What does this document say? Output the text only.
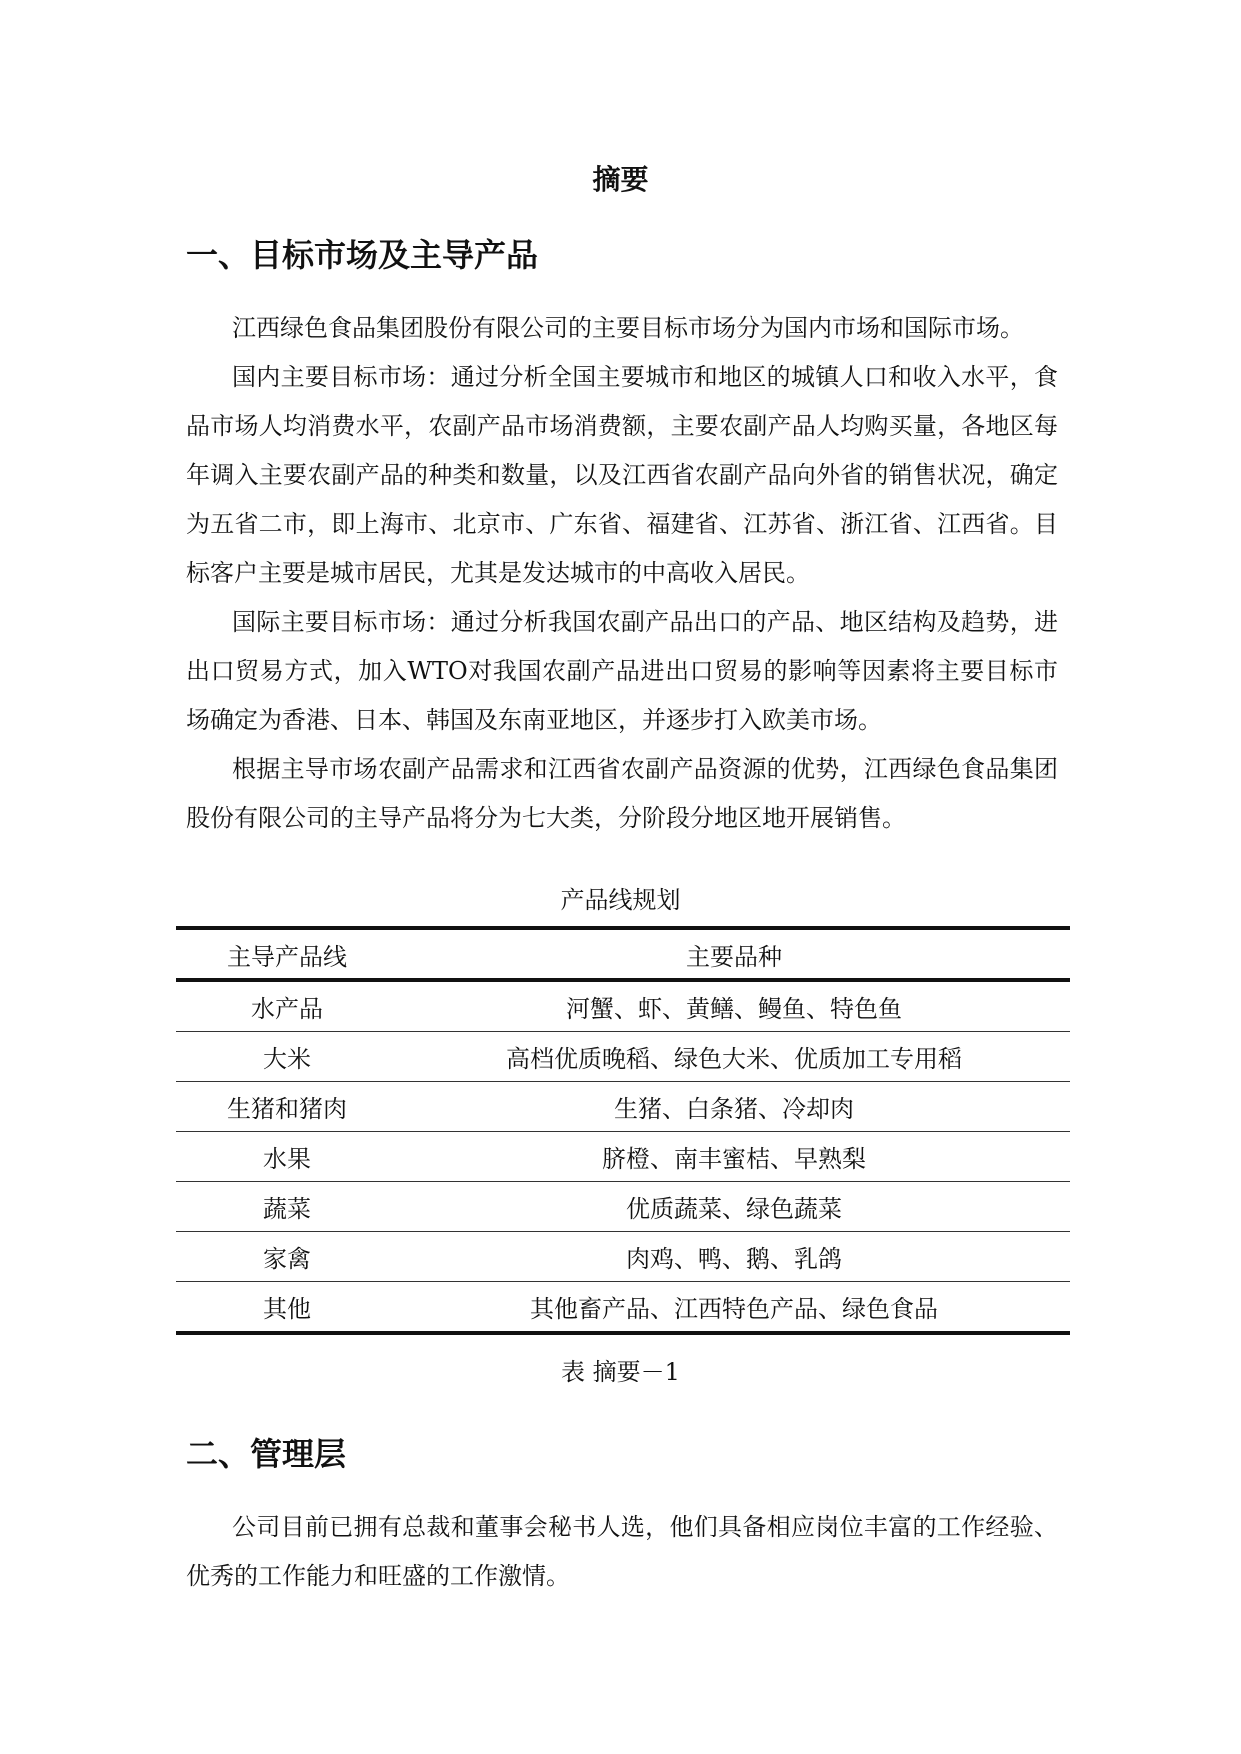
摘要
一、目标市场及主导产品

江西绿色食品集团股份有限公司的主要目标市场分为国内市场和国际市场。

国内主要目标市场：通过分析全国主要城市和地区的城镇人口和收入水平，食品市场人均消费水平，农副产品市场消费额，主要农副产品人均购买量，各地区每年调入主要农副产品的种类和数量，以及江西省农副产品向外省的销售状况，确定为五省二市，即上海市、北京市、广东省、福建省、江苏省、浙江省、江西省。目标客户主要是城市居民，尤其是发达城市的中高收入居民。

国际主要目标市场：通过分析我国农副产品出口的产品、地区结构及趋势，进出口贸易方式，加入WTO对我国农副产品进出口贸易的影响等因素将主要目标市场确定为香港、日本、韩国及东南亚地区，并逐步打入欧美市场。

根据主导市场农副产品需求和江西省农副产品资源的优势，江西绿色食品集团股份有限公司的主导产品将分为七大类，分阶段分地区地开展销售。

产品线规划
主导产品线	主要品种
水产品	河蟹、虾、黄鳝、鳗鱼、特色鱼
大米	高档优质晚稻、绿色大米、优质加工专用稻
生猪和猪肉	生猪、白条猪、冷却肉
水果	脐橙、南丰蜜桔、早熟梨
蔬菜	优质蔬菜、绿色蔬菜
家禽	肉鸡、鸭、鹅、乳鸽
其他	其他畜产品、江西特色产品、绿色食品
表 摘要－1
二、管理层

公司目前已拥有总裁和董事会秘书人选，他们具备相应岗位丰富的工作经验、优秀的工作能力和旺盛的工作激情。
